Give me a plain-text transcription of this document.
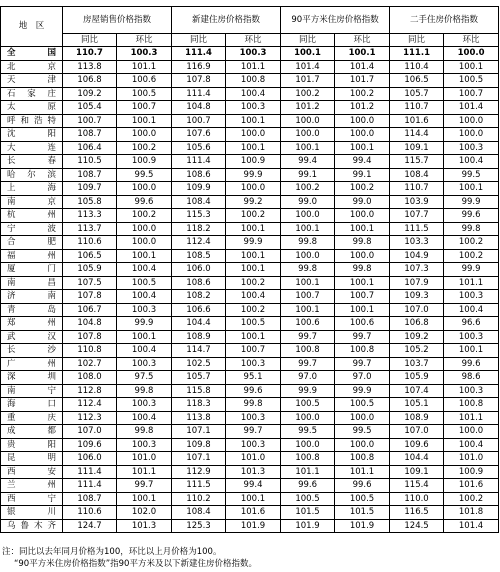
地　区	房屋销售价格指数		新建住房价格指数		90平方米住房价格指数		二手住房价格指数	
	同比	环比	同比	环比	同比	环比	同比	环比
全　国	110.7	100.3	111.4	100.3	100.1	100.1	111.1	100.0
北　京	113.8	101.1	116.9	101.1	101.4	101.4	110.4	100.1
天　津	106.8	100.6	107.8	100.8	101.7	101.7	106.5	100.5
石家庄	109.2	100.5	111.4	100.4	100.2	100.2	105.7	100.7
太　原	105.4	100.7	104.8	100.3	101.2	101.2	110.7	101.4
呼和浩特	100.7	100.1	100.7	100.1	100.0	100.0	101.6	100.0
沈　阳	108.7	100.0	107.6	100.0	100.0	100.0	114.4	100.0
大　连	106.4	100.2	105.6	100.1	100.1	100.1	109.1	100.3
长　春	110.5	100.9	111.4	100.9	99.4	99.4	115.7	100.4
哈尔滨	108.7	99.5	108.6	99.9	99.1	99.1	108.4	99.5
上　海	109.7	100.0	109.9	100.0	100.2	100.2	110.7	100.1
南　京	105.8	99.6	108.4	99.2	99.0	99.0	103.9	99.9
杭　州	113.3	100.2	115.3	100.2	100.0	100.0	107.7	99.6
宁　波	113.7	100.0	118.2	100.1	100.1	100.1	111.5	99.8
合　肥	110.6	100.0	112.4	99.9	99.8	99.8	103.3	100.2
福　州	106.5	100.1	108.5	100.1	100.0	100.0	104.9	100.2
厦　门	105.9	100.4	106.0	100.1	99.8	99.8	107.3	99.9
南　昌	107.5	100.5	108.6	100.2	100.1	100.1	107.9	101.1
济　南	107.8	100.4	108.2	100.4	100.7	100.7	109.3	100.3
青　岛	106.7	100.3	106.6	100.2	100.1	100.1	107.0	100.4
郑　州	104.8	99.9	104.4	100.5	100.6	100.6	106.8	96.6
武　汉	107.8	100.1	108.9	100.1	99.7	99.7	109.2	100.3
长　沙	110.8	100.4	114.7	100.7	100.8	100.8	105.2	100.1
广　州	102.7	100.3	102.5	100.3	99.7	99.7	103.7	99.6
深　圳	108.0	97.5	105.7	95.1	97.0	97.0	105.9	98.6
南　宁	112.8	99.8	115.8	99.6	99.9	99.9	107.4	100.3
海　口	112.4	100.3	118.3	99.8	100.5	100.5	105.1	100.8
重　庆	112.3	100.4	113.8	100.3	100.0	100.0	108.9	101.1
成　都	107.0	99.8	107.1	99.7	99.5	99.5	107.0	100.0
贵　阳	109.6	100.3	109.8	100.3	100.0	100.0	109.6	100.4
昆　明	106.0	101.0	107.1	101.0	100.8	100.8	104.4	101.0
西　安	111.4	101.1	112.9	101.3	101.1	101.1	109.1	100.9
兰　州	111.4	99.7	111.5	99.4	99.6	99.6	115.4	101.6
西　宁	108.7	100.1	110.2	100.1	100.5	100.5	110.0	100.2
银　川	110.6	102.0	108.4	101.6	101.5	101.5	116.5	101.8
乌鲁木齐	124.7	101.3	125.3	101.9	101.9	101.9	124.5	101.4
注：同比以去年同月价格为100，环比以上月价格为100。
“90平方米住房价格指数”指90平方米及以下新建住房价格指数。
